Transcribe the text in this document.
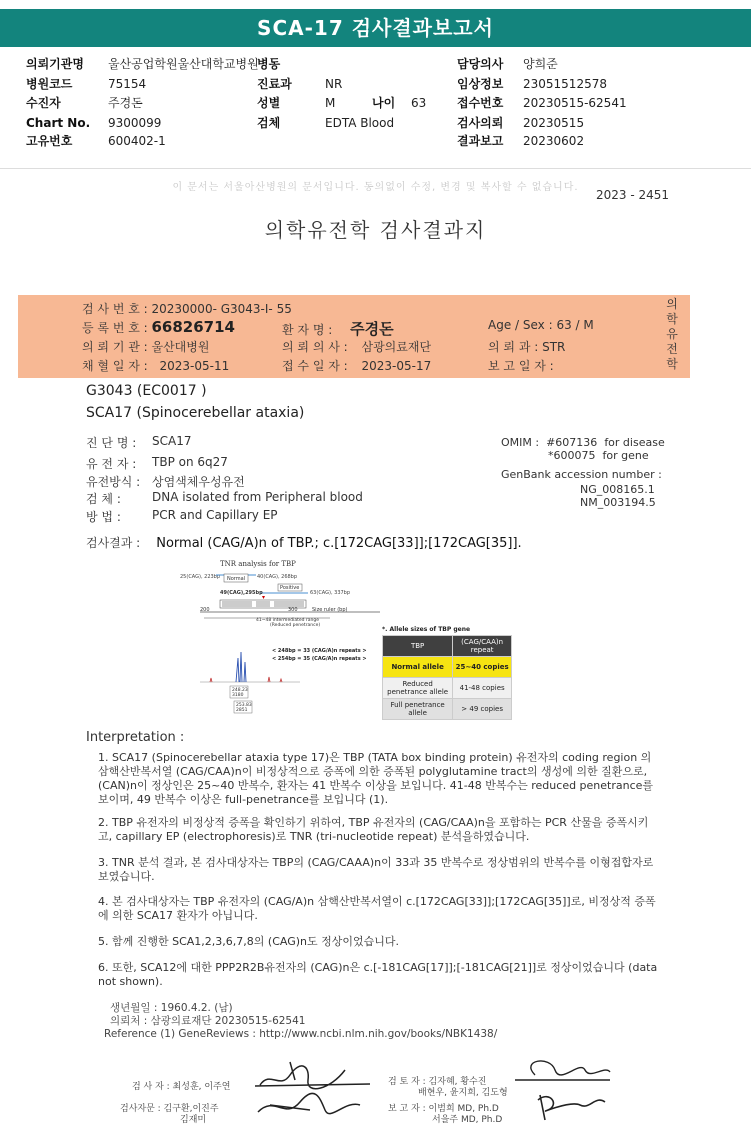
SCA-17 검사결과보고서
의뢰기관명 울산공업학원울산대학교병원
병동	담당의사 양희준
병원코드	75154	진료과	NR	임상정보 23051512578
수진자	주경돈	성별	M	나이 63	접수번호 20230515-62541
Chart No. 9300099	검체	EDTA Blood	검사의뢰 20230515
고유번호	600402-1	결과보고 20230602
이 문서는 서울아산병원의 문서입니다. 동의없이 수정, 변경 및 복사할 수 없습니다.
2023 - 2451
의학유전학 검사결과지
검 사 번 호 : 20230000- G3043-Ⅰ- 55
등 록 번 호 : 66826714	환 자 명 : 주경돈	Age / Sex : 63 / M
의 뢰 기 관 : 울산대병원	의 뢰 의 사 : 삼광의료재단	의 뢰 과 : STR
채 혈 일 자 : 2023-05-11	접 수 일 자 : 2023-05-17	보 고 일 자 :
의
학
유
전
학
G3043 (EC0017 )
SCA17 (Spinocerebellar ataxia)
진 단 명 : SCA17
유 전 자 : TBP on 6q27
유전방식 : 상염색체우성유전
검 체 :	DNA isolated from Peripheral blood
방 법 :	PCR and Capillary EP
OMIM : #607136 for disease
*600075 for gene
GenBank accession number :
NG_008165.1
NM_003194.5
검사결과 : Normal (CAG/A)n of TBP.; c.[172CAG[33]];[172CAG[35]].
TNR analysis for TBP
25(CAG), 223bp	40(CAG), 268bp
Normal
Positive
49(CAG),295bp	63(CAG), 337bp
200	300	Size ruler (bp)
41~48 intermediated range
(Reduced penetrance)
< 248bp = 33 (CAG/A)n repeats >
< 254bp = 35 (CAG/A)n repeats >
248.23
3180
253.83
2851
*. Allele sizes of TBP gene
TBP	(CAG/CAA)n repeat
Normal allele	25~40 copies
Reduced penetrance allele	41-48 copies
Full penetrance allele	> 49 copies
Interpretation :
1. SCA17 (Spinocerebellar ataxia type 17)은 TBP (TATA box binding protein) 유전자의 coding region 의 삼핵산반복서열 (CAG/CAA)n이 비정상적으로 증폭에 의한 증폭된 polyglutamine tract의 생성에 의한 질환으로, (CAN)n이 정상인은 25~40 반복수, 환자는 41 반복수 이상을 보입니다. 41-48 반복수는 reduced penetrance를 보이며, 49 반복수 이상은 full-penetrance를 보입니다 (1).
2. TBP 유전자의 비정상적 증폭을 확인하기 위하여, TBP 유전자의 (CAG/CAA)n을 포함하는 PCR 산물을 증폭시키고, capillary EP (electrophoresis)로 TNR (tri-nucleotide repeat) 분석을하였습니다.
3. TNR 분석 결과, 본 검사대상자는 TBP의 (CAG/CAAA)n이 33과 35 반복수로 정상범위의 반복수를 이형접합자로 보였습니다.
4. 본 검사대상자는 TBP 유전자의 (CAG/A)n 삼핵산반복서열이 c.[172CAG[33]];[172CAG[35]]로, 비정상적 증폭에 의한 SCA17 환자가 아닙니다.
5. 함께 진행한 SCA1,2,3,6,7,8의 (CAG)n도 정상이었습니다.
6. 또한, SCA12에 대한 PPP2R2B유전자의 (CAG)n은 c.[-181CAG[17]];[-181CAG[21]]로 정상이었습니다 (data not shown).
생년월일 : 1960.4.2. (남)
의뢰처 : 삼광의료재단 20230515-62541
Reference (1) GeneReviews : http://www.ncbi.nlm.nih.gov/books/NBK1438/
검 사 자 : 최성훈, 이주연
검사자문 : 김구환,이진주
김재미
검 토 자 : 김자혜, 황수진
배현우, 윤지희, 김도형
보 고 자 : 이범희 MD, Ph.D
서을주 MD, Ph.D
